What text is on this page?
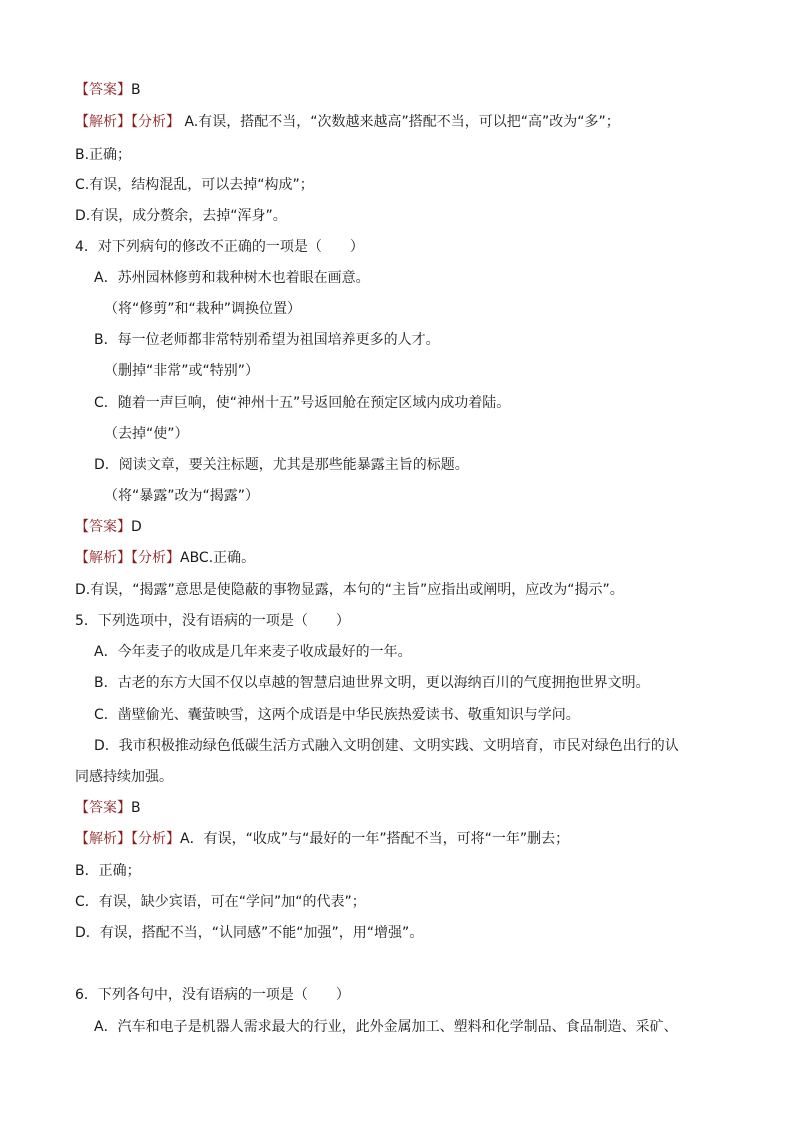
【答案】B
【解析】【分析】 A.有误，搭配不当，“次数越来越高”搭配不当，可以把“高”改为“多”；
B.正确；
C.有误，结构混乱，可以去掉“构成”；
D.有误，成分赘余，去掉“浑身”。
4．对下列病句的修改不正确的一项是（　　）
A．苏州园林修剪和栽种树木也着眼在画意。
（将“修剪”和“栽种”调换位置）
B．每一位老师都非常特别希望为祖国培养更多的人才。
（删掉“非常”或“特别”）
C．随着一声巨响，使“神州十五”号返回舱在预定区域内成功着陆。
（去掉“使”）
D．阅读文章，要关注标题，尤其是那些能暴露主旨的标题。
（将“暴露”改为“揭露”）
【答案】D
【解析】【分析】ABC.正确。
D.有误，“揭露”意思是使隐蔽的事物显露，本句的“主旨”应指出或阐明，应改为“揭示”。
5．下列选项中，没有语病的一项是（　　）
A．今年麦子的收成是几年来麦子收成最好的一年。
B．古老的东方大国不仅以卓越的智慧启迪世界文明，更以海纳百川的气度拥抱世界文明。
C．凿壁偷光、囊萤映雪，这两个成语是中华民族热爱读书、敬重知识与学问。
D．我市积极推动绿色低碳生活方式融入文明创建、文明实践、文明培育，市民对绿色出行的认
同感持续加强。
【答案】B
【解析】【分析】A．有误，“收成”与“最好的一年”搭配不当，可将“一年”删去；
B．正确；
C．有误，缺少宾语，可在“学问”加“的代表”；
D．有误，搭配不当，“认同感”不能“加强”，用“增强”。
6．下列各句中，没有语病的一项是（　　）
A．汽车和电子是机器人需求最大的行业，此外金属加工、塑料和化学制品、食品制造、采矿、
